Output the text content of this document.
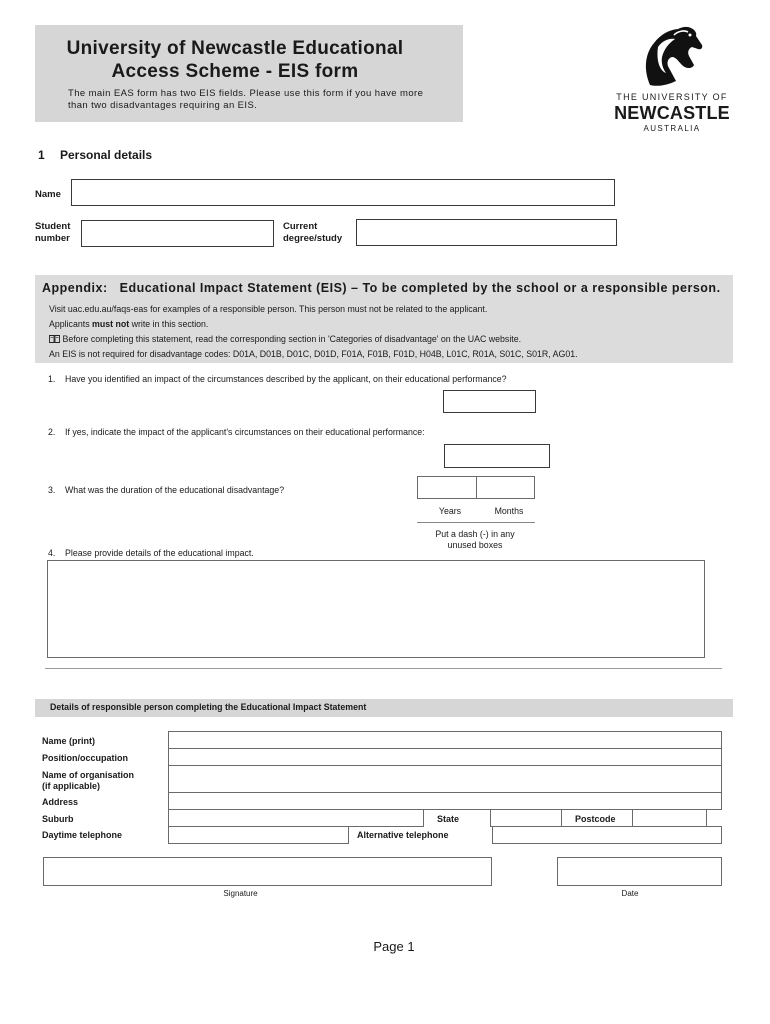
University of Newcastle Educational
Access Scheme - EIS form
The main EAS form has two EIS fields. Please use this form if you have more than two disadvantages requiring an EIS.
THE UNIVERSITY OF
NEWCASTLE
AUSTRALIA
1 Personal details
Name
Student
number
Current
degree/study
Appendix: Educational Impact Statement (EIS) – To be completed by the school or a responsible person.
Visit uac.edu.au/faqs-eas for examples of a responsible person. This person must not be related to the applicant.
Applicants must not write in this section.
Before completing this statement, read the corresponding section in 'Categories of disadvantage' on the UAC website.
An EIS is not required for disadvantage codes: D01A, D01B, D01C, D01D, F01A, F01B, F01D, H04B, L01C, R01A, S01C, S01R, AG01.
1. Have you identified an impact of the circumstances described by the applicant, on their educational performance?
2. If yes, indicate the impact of the applicant's circumstances on their educational performance:
3. What was the duration of the educational disadvantage?
Years	Months
Put a dash (-) in any
unused boxes
4. Please provide details of the educational impact.
Details of responsible person completing the Educational Impact Statement
Name (print)
Position/occupation
Name of organisation
(if applicable)
Address
Suburb	State	Postcode
Daytime telephone	Alternative telephone
Signature	Date
Page 1
